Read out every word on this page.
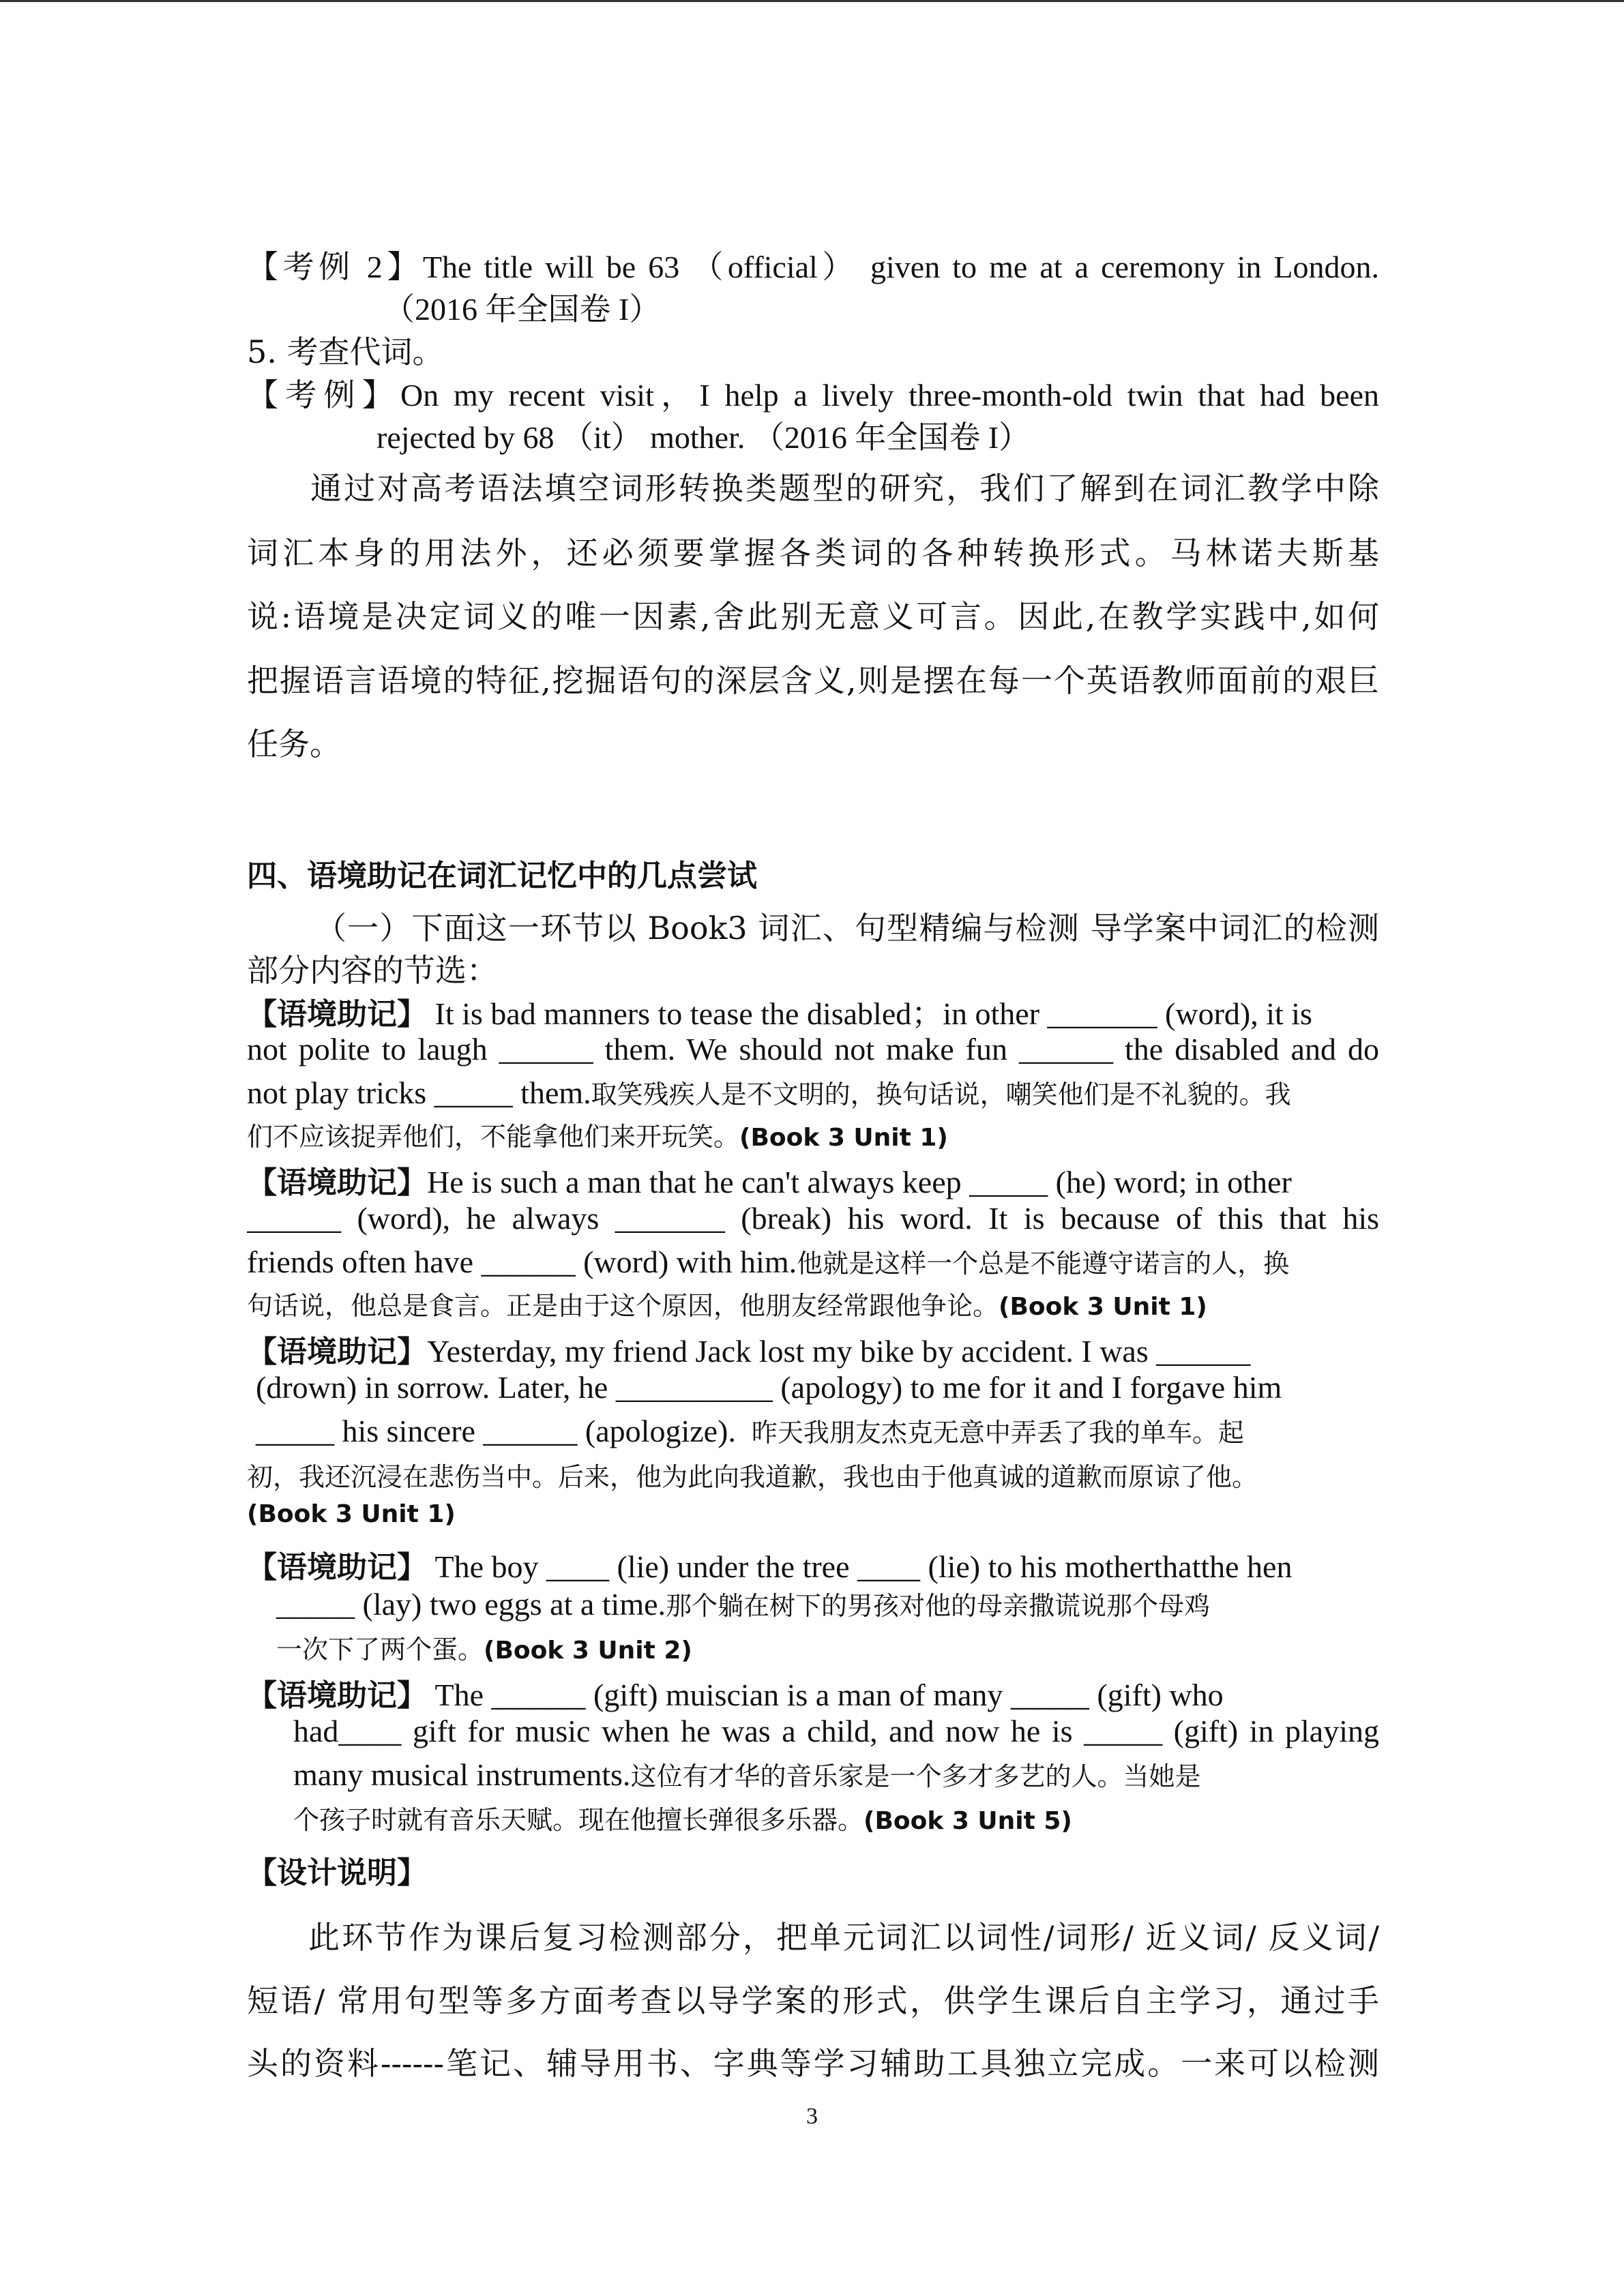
【考例 2】The title will be 63 （official） given to me at a ceremony in London.
（2016 年全国卷 I）
5. 考查代词。
【考例】On my recent visit，I help a lively three-month-old twin that had been
rejected by 68 （it） mother. （2016 年全国卷 I）
通过对高考语法填空词形转换类题型的研究，我们了解到在词汇教学中除
词汇本身的用法外，还必须要掌握各类词的各种转换形式。马林诺夫斯基
说:语境是决定词义的唯一因素,舍此别无意义可言。因此,在教学实践中,如何
把握语言语境的特征,挖掘语句的深层含义,则是摆在每一个英语教师面前的艰巨
任务。
四、语境助记在词汇记忆中的几点尝试
（一）下面这一环节以 Book3 词汇、句型精编与检测 导学案中词汇的检测
部分内容的节选：
【语境助记】 It is bad manners to tease the disabled；in other _______ (word), it is
not polite to laugh ______ them. We should not make fun ______ the disabled and do
not play tricks _____ them.取笑残疾人是不文明的，换句话说，嘲笑他们是不礼貌的。我
们不应该捉弄他们，不能拿他们来开玩笑。(Book 3 Unit 1)
【语境助记】He is such a man that he can't always keep _____ (he) word; in other
______ (word), he always _______ (break) his word. It is because of this that his
friends often have ______ (word) with him.他就是这样一个总是不能遵守诺言的人，换
句话说，他总是食言。正是由于这个原因，他朋友经常跟他争论。(Book 3 Unit 1)
【语境助记】Yesterday, my friend Jack lost my bike by accident. I was ______
(drown) in sorrow. Later, he __________ (apology) to me for it and I forgave him
_____ his sincere ______ (apologize). 昨天我朋友杰克无意中弄丢了我的单车。起
初，我还沉浸在悲伤当中。后来，他为此向我道歉，我也由于他真诚的道歉而原谅了他。
(Book 3 Unit 1)
【语境助记】 The boy ____ (lie) under the tree ____ (lie) to his motherthatthe hen
_____ (lay) two eggs at a time.那个躺在树下的男孩对他的母亲撒谎说那个母鸡
一次下了两个蛋。(Book 3 Unit 2)
【语境助记】 The ______ (gift) muiscian is a man of many _____ (gift) who
had____ gift for music when he was a child, and now he is _____ (gift) in playing
many musical instruments.这位有才华的音乐家是一个多才多艺的人。当她是
个孩子时就有音乐天赋。现在他擅长弹很多乐器。(Book 3 Unit 5)
【设计说明】
此环节作为课后复习检测部分，把单元词汇以词性/词形/ 近义词/ 反义词/
短语/ 常用句型等多方面考查以导学案的形式，供学生课后自主学习，通过手
头的资料------笔记、辅导用书、字典等学习辅助工具独立完成。一来可以检测
3
